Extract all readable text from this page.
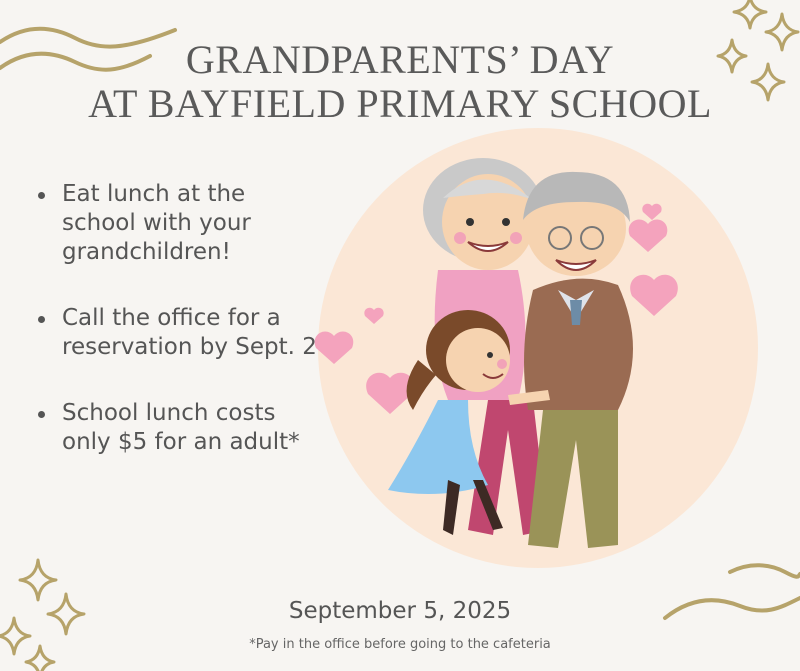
GRANDPARENTS’ DAY
AT BAYFIELD PRIMARY SCHOOL
Eat lunch at the school with your grandchildren!
Call the office for a reservation by Sept. 2
School lunch costs only $5 for an adult*
September 5, 2025
*Pay in the office before going to the cafeteria
